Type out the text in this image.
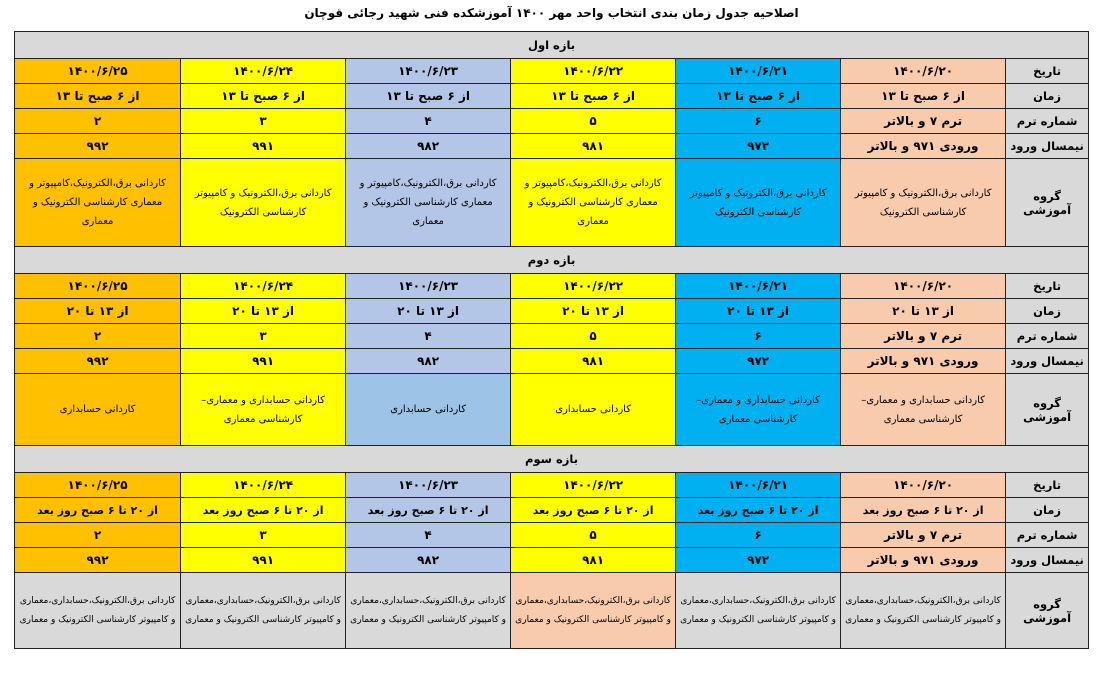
اصلاحیه جدول زمان بندی انتخاب واحد مهر ۱۴۰۰ آموزشکده فنی شهید رجائی قوچان
بازه اول						
تاریخ	۱۴۰۰/۶/۲۰	۱۴۰۰/۶/۲۱	۱۴۰۰/۶/۲۲	۱۴۰۰/۶/۲۳	۱۴۰۰/۶/۲۴	۱۴۰۰/۶/۲۵
زمان	از ۶ صبح تا ۱۳	از ۶ صبح تا ۱۳	از ۶ صبح تا ۱۳	از ۶ صبح تا ۱۳	از ۶ صبح تا ۱۳	از ۶ صبح تا ۱۳
شماره ترم	ترم ۷ و بالاتر	۶	۵	۴	۳	۲
نیمسال ورود	ورودی ۹۷۱ و بالاتر	۹۷۲	۹۸۱	۹۸۲	۹۹۱	۹۹۲
گروه آموزشی	کاردانی برق،الکترونیک و کامپیوتر کارشناسی الکترونیک	کاردانی برق،الکترونیک و کامپیوتر کارشناسی الکترونیک	کاردانی برق،الکترونیک،کامپیوتر و معماری کارشناسی الکترونیک و معماری	کاردانی برق،الکترونیک،کامپیوتر و معماری کارشناسی الکترونیک و معماری	کاردانی برق،الکترونیک و کامپیوتر کارشناسی الکترونیک	کاردانی برق،الکترونیک،کامپیوتر و معماری کارشناسی الکترونیک و معماری
بازه دوم						
تاریخ	۱۴۰۰/۶/۲۰	۱۴۰۰/۶/۲۱	۱۴۰۰/۶/۲۲	۱۴۰۰/۶/۲۳	۱۴۰۰/۶/۲۴	۱۴۰۰/۶/۲۵
زمان	از ۱۳ تا ۲۰	از ۱۳ تا ۲۰	از ۱۳ تا ۲۰	از ۱۳ تا ۲۰	از ۱۳ تا ۲۰	از ۱۳ تا ۲۰
شماره ترم	ترم ۷ و بالاتر	۶	۵	۴	۳	۲
نیمسال ورود	ورودی ۹۷۱ و بالاتر	۹۷۲	۹۸۱	۹۸۲	۹۹۱	۹۹۲
گروه آموزشی	کاردانی حسابداری و معماری– کارشناسی معماری	کاردانی حسابداری و معماری– کارشناسی معماری	کاردانی حسابداری	کاردانی حسابداری	کاردانی حسابداری و معماری– کارشناسی معماری	کاردانی حسابداری
بازه سوم						
تاریخ	۱۴۰۰/۶/۲۰	۱۴۰۰/۶/۲۱	۱۴۰۰/۶/۲۲	۱۴۰۰/۶/۲۳	۱۴۰۰/۶/۲۴	۱۴۰۰/۶/۲۵
زمان	از ۲۰ تا ۶ صبح روز بعد	از ۲۰ تا ۶ صبح روز بعد	از ۲۰ تا ۶ صبح روز بعد	از ۲۰ تا ۶ صبح روز بعد	از ۲۰ تا ۶ صبح روز بعد	از ۲۰ تا ۶ صبح روز بعد
شماره ترم	ترم ۷ و بالاتر	۶	۵	۴	۳	۲
نیمسال ورود	ورودی ۹۷۱ و بالاتر	۹۷۲	۹۸۱	۹۸۲	۹۹۱	۹۹۲
گروه آموزشی	کاردانی برق،الکترونیک،حسابداری،معماری و کامپیوتر کارشناسی الکترونیک و معماری	کاردانی برق،الکترونیک،حسابداری،معماری و کامپیوتر کارشناسی الکترونیک و معماری	کاردانی برق،الکترونیک،حسابداری،معماری و کامپیوتر کارشناسی الکترونیک و معماری	کاردانی برق،الکترونیک،حسابداری،معماری و کامپیوتر کارشناسی الکترونیک و معماری	کاردانی برق،الکترونیک،حسابداری،معماری و کامپیوتر کارشناسی الکترونیک و معماری	کاردانی برق،الکترونیک،حسابداری،معماری و کامپیوتر کارشناسی الکترونیک و معماری
